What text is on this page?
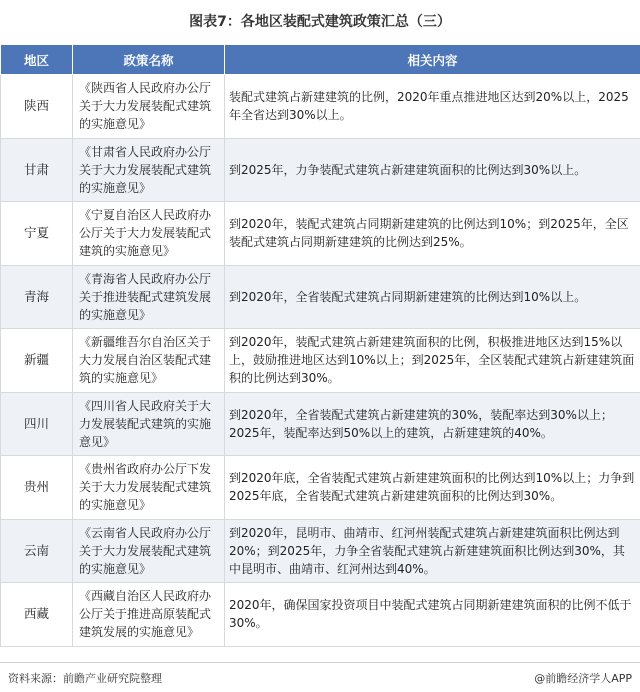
图表7：各地区装配式建筑政策汇总（三）
地区	政策名称	相关内容
陕西	《陕西省人民政府办公厅关于大力发展装配式建筑的实施意见》	装配式建筑占新建建筑的比例，2020年重点推进地区达到20%以上，2025年全省达到30%以上。
甘肃	《甘肃省人民政府办公厅关于大力发展装配式建筑的实施意见》	到2025年，力争装配式建筑占新建建筑面积的比例达到30%以上。
宁夏	《宁夏自治区人民政府办公厅关于大力发展装配式建筑的实施意见》	到2020年，装配式建筑占同期新建建筑的比例达到10%；到2025年，全区装配式建筑占同期新建建筑的比例达到25%。
青海	《青海省人民政府办公厅关于推进装配式建筑发展的实施意见》	到2020年，全省装配式建筑占同期新建建筑的比例达到10%以上。
新疆	《新疆维吾尔自治区关于大力发展自治区装配式建筑的实施意见》	到2020年，装配式建筑占新建建筑面积的比例，积极推进地区达到15%以上，鼓励推进地区达到10%以上；到2025年，全区装配式建筑占新建建筑面积的比例达到30%。
四川	《四川省人民政府关于大力发展装配式建筑的实施意见》	到2020年，全省装配式建筑占新建建筑的30%，装配率达到30%以上；2025年，装配率达到50%以上的建筑，占新建建筑的40%。
贵州	《贵州省政府办公厅下发关于大力发展装配式建筑的实施意见》	到2020年底，全省装配式建筑占新建建筑面积的比例达到10%以上；力争到2025年底，全省装配式建筑占新建建筑面积的比例达到30%。
云南	《云南省人民政府办公厅关于大力发展装配式建筑的实施意见》	到2020年，昆明市、曲靖市、红河州装配式建筑占新建建筑面积比例达到20%；到2025年，力争全省装配式建筑占新建建筑面积比例达到30%，其中昆明市、曲靖市、红河州达到40%。
西藏	《西藏自治区人民政府办公厅关于推进高原装配式建筑发展的实施意见》	2020年，确保国家投资项目中装配式建筑占同期新建建筑面积的比例不低于30%。
资料来源：前瞻产业研究院整理	@前瞻经济学人APP
